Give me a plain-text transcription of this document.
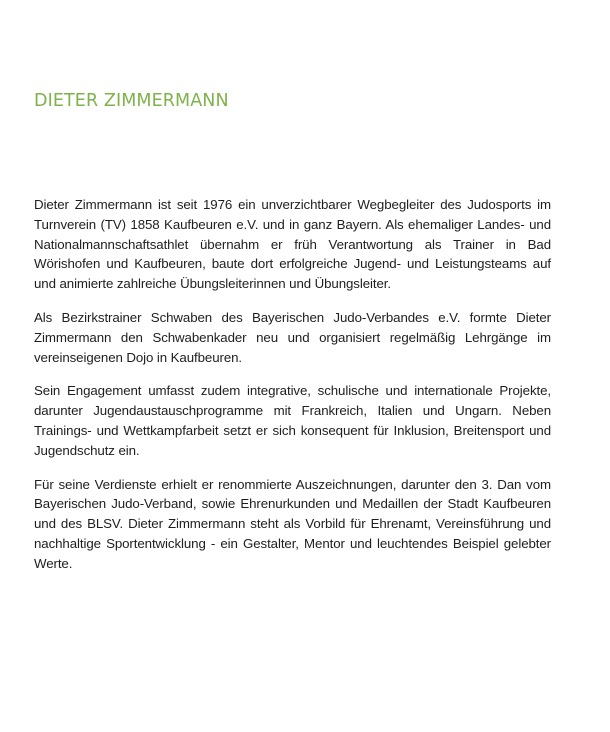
DIETER ZIMMERMANN

Dieter Zimmermann ist seit 1976 ein unverzichtbarer Wegbegleiter des Judosports im Turnverein (TV) 1858 Kaufbeuren e.V. und in ganz Bayern. Als ehemaliger Landes- und Nationalmannschaftsathlet übernahm er früh Verantwortung als Trainer in Bad Wörishofen und Kaufbeuren, baute dort erfolgreiche Jugend- und Leistungsteams auf und animierte zahlreiche Übungsleiterinnen und Übungsleiter.

Als Bezirkstrainer Schwaben des Bayerischen Judo-Verbandes e.V. formte Dieter Zimmermann den Schwabenkader neu und organisiert regelmäßig Lehrgänge im vereinseigenen Dojo in Kaufbeuren.

Sein Engagement umfasst zudem integrative, schulische und internationale Projekte, darunter Jugendaustauschprogramme mit Frankreich, Italien und Ungarn. Neben Trainings- und Wettkampfarbeit setzt er sich konsequent für Inklusion, Breitensport und Jugendschutz ein.

Für seine Verdienste erhielt er renommierte Auszeichnungen, darunter den 3. Dan vom Bayerischen Judo-Verband, sowie Ehrenurkunden und Medaillen der Stadt Kaufbeuren und des BLSV. Dieter Zimmermann steht als Vorbild für Ehrenamt, Vereinsführung und nachhaltige Sportentwicklung - ein Gestalter, Mentor und leuchtendes Beispiel gelebter Werte.
